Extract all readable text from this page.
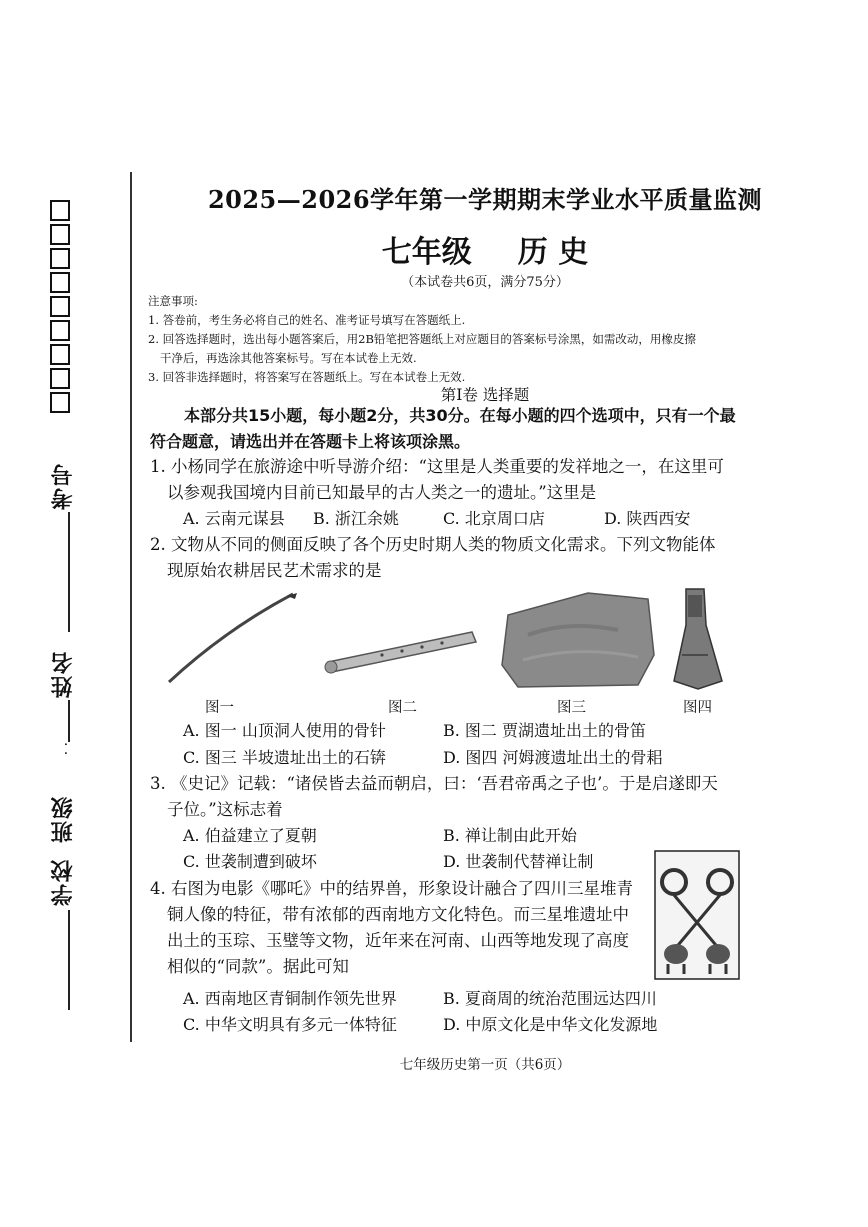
考号
姓名
· ·
班级
学校
2025—2026学年第一学期期末学业水平质量监测
七年级 历 史
（本试卷共6页，满分75分）
注意事项:
1. 答卷前，考生务必将自己的姓名、准考证号填写在答题纸上.
2. 回答选择题时，选出每小题答案后，用2B铅笔把答题纸上对应题目的答案标号涂黑，如需改动，用橡皮擦
干净后，再选涂其他答案标号。写在本试卷上无效.
3. 回答非选择题时，将答案写在答题纸上。写在本试卷上无效.
第Ⅰ卷 选择题
本部分共15小题，每小题2分，共30分。在每小题的四个选项中，只有一个最
符合题意，请选出并在答题卡上将该项涂黑。
1. 小杨同学在旅游途中听导游介绍：“这里是人类重要的发祥地之一，在这里可
以参观我国境内目前已知最早的古人类之一的遗址。”这里是
A. 云南元谋县 B. 浙江余姚	C. 北京周口店	D. 陕西西安
2. 文物从不同的侧面反映了各个历史时期人类的物质文化需求。下列文物能体
现原始农耕居民艺术需求的是
图一	图二	图三	图四
A. 图一 山顶洞人使用的骨针	B. 图二 贾湖遗址出土的骨笛
C. 图三 半坡遗址出土的石锛	D. 图四 河姆渡遗址出土的骨耜
3. 《史记》记载：“诸侯皆去益而朝启，曰：‘吾君帝禹之子也’。于是启遂即天
子位。”这标志着
A. 伯益建立了夏朝	B. 禅让制由此开始
C. 世袭制遭到破坏	D. 世袭制代替禅让制
4. 右图为电影《哪吒》中的结界兽，形象设计融合了四川三星堆青
铜人像的特征，带有浓郁的西南地方文化特色。而三星堆遗址中
出土的玉琮、玉璧等文物，近年来在河南、山西等地发现了高度
相似的“同款”。据此可知
A. 西南地区青铜制作领先世界	B. 夏商周的统治范围远达四川
C. 中华文明具有多元一体特征	D. 中原文化是中华文化发源地
七年级历史第一页（共6页）
